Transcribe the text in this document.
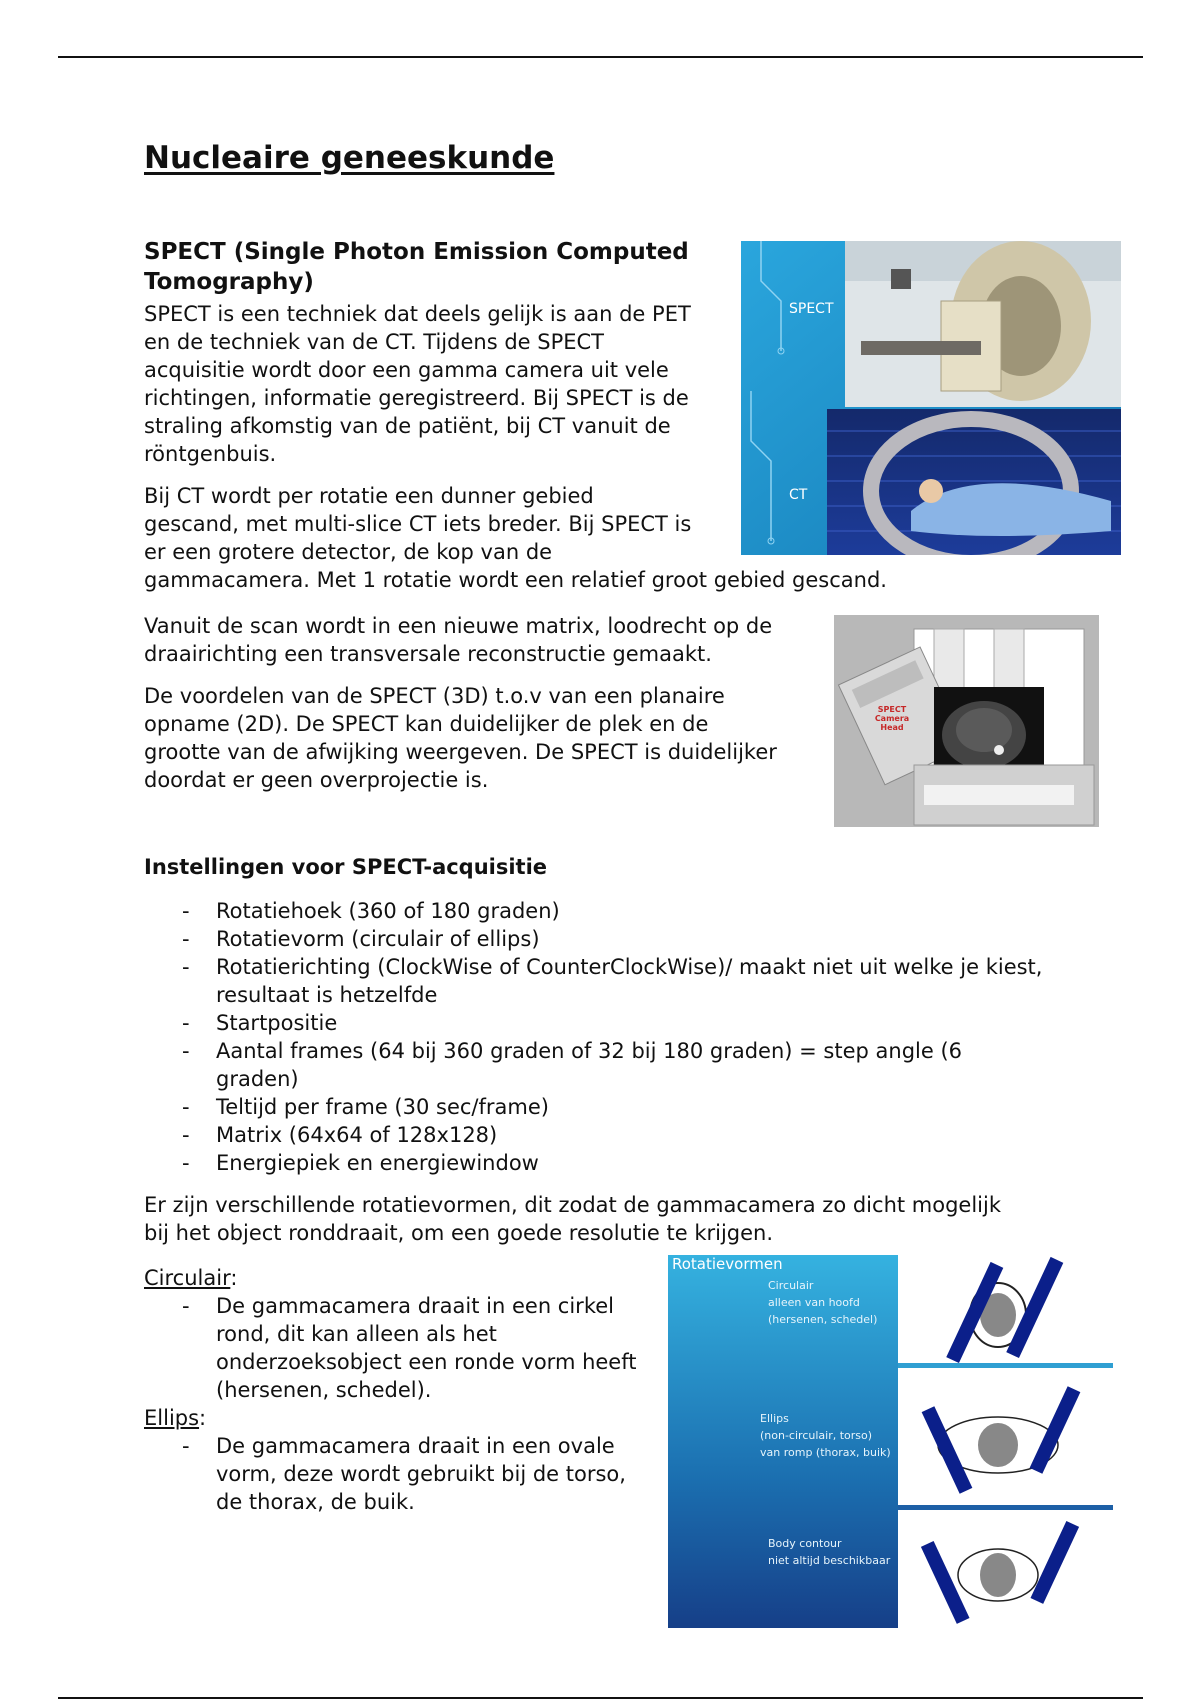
Nucleaire geneeskunde
SPECT (Single Photon Emission Computed
Tomography)

SPECT is een techniek dat deels gelijk is aan de PET

en de techniek van de CT. Tijdens de SPECT

acquisitie wordt door een gamma camera uit vele

richtingen, informatie geregistreerd. Bij SPECT is de

straling afkomstig van de patiënt, bij CT vanuit de

röntgenbuis.

Bij CT wordt per rotatie een dunner gebied

gescand, met multi-slice CT iets breder. Bij SPECT is

er een grotere detector, de kop van de

gammacamera. Met 1 rotatie wordt een relatief groot gebied gescand.

SPECT
CT

Vanuit de scan wordt in een nieuwe matrix, loodrecht op de

draairichting een transversale reconstructie gemaakt.

De voordelen van de SPECT (3D) t.o.v van een planaire

opname (2D). De SPECT kan duidelijker de plek en de

grootte van de afwijking weergeven. De SPECT is duidelijker

doordat er geen overprojectie is.

SPECT Camera Head
Instellingen voor SPECT-acquisitie
- Rotatiehoek (360 of 180 graden)
- Rotatievorm (circulair of ellips)
- Rotatierichting (ClockWise of CounterClockWise)/ maakt niet uit welke je kiest, resultaat is hetzelfde
- Startpositie
- Aantal frames (64 bij 360 graden of 32 bij 180 graden) = step angle (6 graden)
- Teltijd per frame (30 sec/frame)
- Matrix (64x64 of 128x128)
- Energiepiek en energiewindow

Er zijn verschillende rotatievormen, dit zodat de gammacamera zo dicht mogelijk

bij het object ronddraait, om een goede resolutie te krijgen.

Circulair:

- De gammacamera draait in een cirkel rond, dit kan alleen als het onderzoeksobject een ronde vorm heeft (hersenen, schedel).

Ellips:

- De gammacamera draait in een ovale vorm, deze wordt gebruikt bij de torso, de thorax, de buik.
Rotatievormen
Circulair
alleen van hoofd
(hersenen, schedel)
Ellips
(non-circulair, torso)
van romp (thorax, buik)
Body contour
niet altijd beschikbaar
